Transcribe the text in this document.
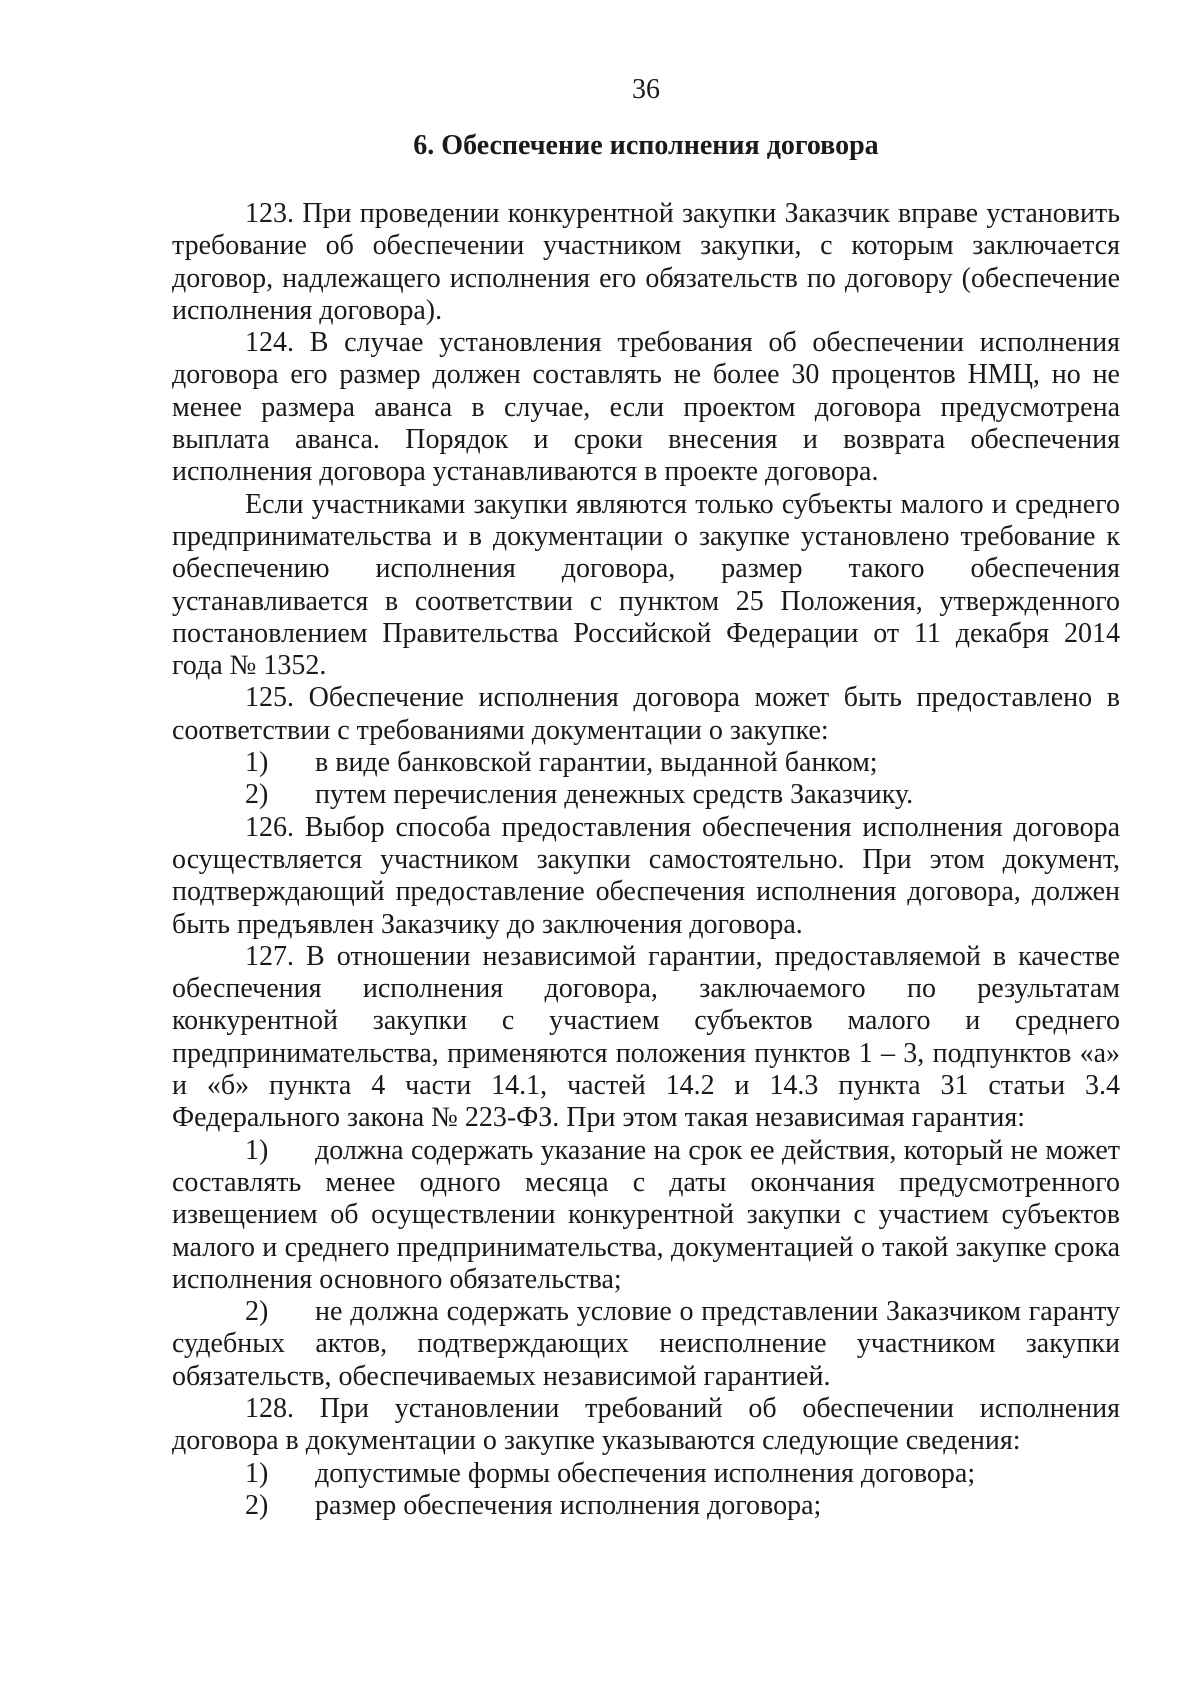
36
6. Обеспечение исполнения договора

123. При проведении конкурентной закупки Заказчик вправе установить требование об обеспечении участником закупки, с которым заключается договор, надлежащего исполнения его обязательств по договору (обеспечение исполнения договора).

124. В случае установления требования об обеспечении исполнения договора его размер должен составлять не более 30 процентов НМЦ, но не менее размера аванса в случае, если проектом договора предусмотрена выплата аванса. Порядок и сроки внесения и возврата обеспечения исполнения договора устанавливаются в проекте договора.

Если участниками закупки являются только субъекты малого и среднего предпринимательства и в документации о закупке установлено требование к обеспечению исполнения договора, размер такого обеспечения устанавливается в соответствии с пунктом 25 Положения, утвержденного постановлением Правительства Российской Федерации от 11 декабря 2014 года № 1352.

125. Обеспечение исполнения договора может быть предоставлено в соответствии с требованиями документации о закупке:

1) в виде банковской гарантии, выданной банком;

2) путем перечисления денежных средств Заказчику.

126. Выбор способа предоставления обеспечения исполнения договора осуществляется участником закупки самостоятельно. При этом документ, подтверждающий предоставление обеспечения исполнения договора, должен быть предъявлен Заказчику до заключения договора.

127. В отношении независимой гарантии, предоставляемой в качестве обеспечения исполнения договора, заключаемого по результатам конкурентной закупки с участием субъектов малого и среднего предпринимательства, применяются положения пунктов 1 – 3, подпунктов «а» и «б» пункта 4 части 14.1, частей 14.2 и 14.3 пункта 31 статьи 3.4 Федерального закона № 223-ФЗ. При этом такая независимая гарантия:

1) должна содержать указание на срок ее действия, который не может составлять менее одного месяца с даты окончания предусмотренного извещением об осуществлении конкурентной закупки с участием субъектов малого и среднего предпринимательства, документацией о такой закупке срока исполнения основного обязательства;

2) не должна содержать условие о представлении Заказчиком гаранту судебных актов, подтверждающих неисполнение участником закупки обязательств, обеспечиваемых независимой гарантией.

128. При установлении требований об обеспечении исполнения договора в документации о закупке указываются следующие сведения:

1) допустимые формы обеспечения исполнения договора;

2) размер обеспечения исполнения договора;
